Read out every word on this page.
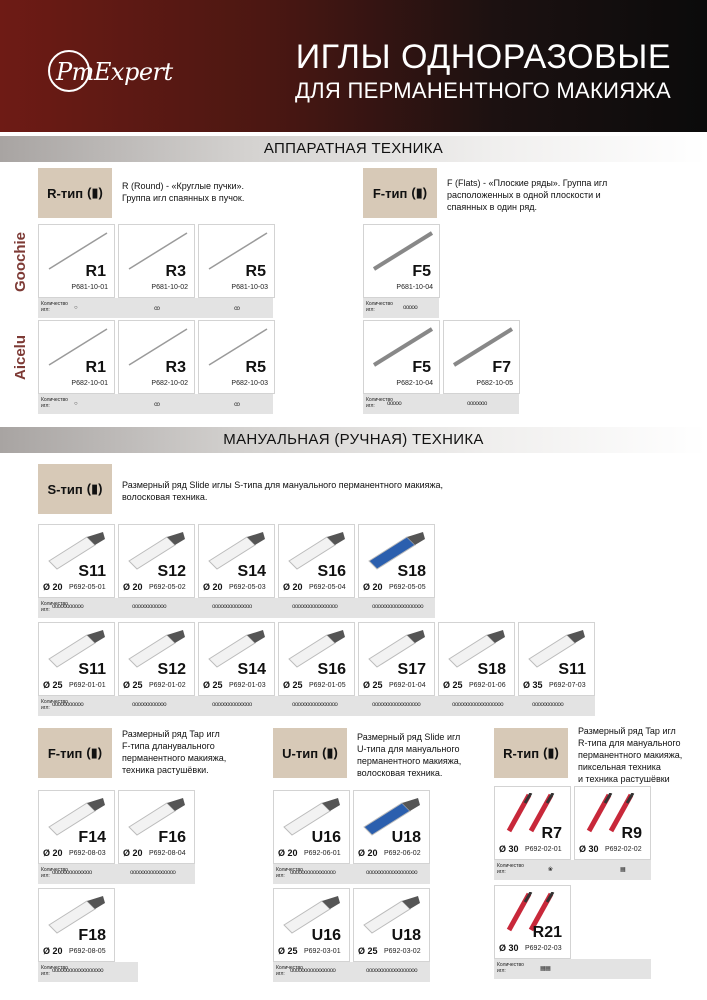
PmExpert	ИГЛЫ ОДНОРАЗОВЫЕ
ДЛЯ ПЕРМАНЕНТНОГО МАКИЯЖА
АППАРАТНАЯ ТЕХНИКА
R-тип (▮) R (Round) - «Круглые пучки».
Группа игл спаянных в пучок.	F-тип (▮)
F (Flats) - «Плоские ряды». Группа игл
расположенных в одной плоскости и
спаянных в один ряд.
Goochie
Aicelu
МАНУАЛЬНАЯ (РУЧНАЯ) ТЕХНИКА
S-тип (▮) Размерный ряд Slide иглы S-типа для мануального перманентного макияжа,
волосковая техника.
F-тип (▮)
Размерный ряд Tap игл
F-типа дланувального
перманентного макияжа,
техника растушёвки.
U-тип (▮)
Размерный ряд Slide игл
U-типа для мануального
перманентного макияжа,
волосковая техника.
R-тип (▮)
Размерный ряд Tap игл
R-типа для мануального
перманентного макияжа,
пиксельная техника
и техника растушёвки
R1
P681-10-01
R3
P681-10-02
R5
P681-10-03
F5
P681-10-04
Количество игл:
Количество игл:
○	ꝏ	ꝏ	ooooo
R1
P682-10-01
R3
P682-10-02
R5
P682-10-03
F5
P682-10-04
F7
P682-10-05
Количество игл:
Количество игл:
○	ꝏ	ꝏ	ooooo	ooooooo
S11
Ø 20 P692-05-01
S12
Ø 20 P692-05-02
S14
Ø 20 P692-05-03
S16
Ø 20 P692-05-04
S18
Ø 20 P692-05-05
Количество игл: ooooooooooo	oooooooooooo	oooooooooooooo	oooooooooooooooo	oooooooooooooooooo
S11
Ø 25 P692-01-01
S12
Ø 25 P692-01-02
S14
Ø 25 P692-01-03
S16
Ø 25 P692-01-05
S17
Ø 25 P692-01-04
S18
Ø 25 P692-01-06
S11
Ø 35 P692-07-03
Количество игл: ooooooooooo	oooooooooooo	oooooooooooooo	oooooooooooooooo	ooooooooooooooooo	oooooooooooooooooo	ooooooooooo
F14
Ø 20 P692-08-03
F16
Ø 20 P692-08-04
Количество игл: oooooooooooooo	oooooooooooooooo
F18
Ø 20 P692-08-05
Количество игл: oooooooooooooooooo
U16
Ø 20 P692-06-01
U18
Ø 20 P692-06-02
Количество игл: oooooooooooooooo	oooooooooooooooooo
U16
Ø 25 P692-03-01
U18
Ø 25 P692-03-02
Количество игл: oooooooooooooooo	oooooooooooooooooo
R7
Ø 30 P692-02-01
R9
Ø 30 P692-02-02
Количество игл:	❀	▦
R21
Ø 30 P692-02-03
Количество игл:	▦▦
